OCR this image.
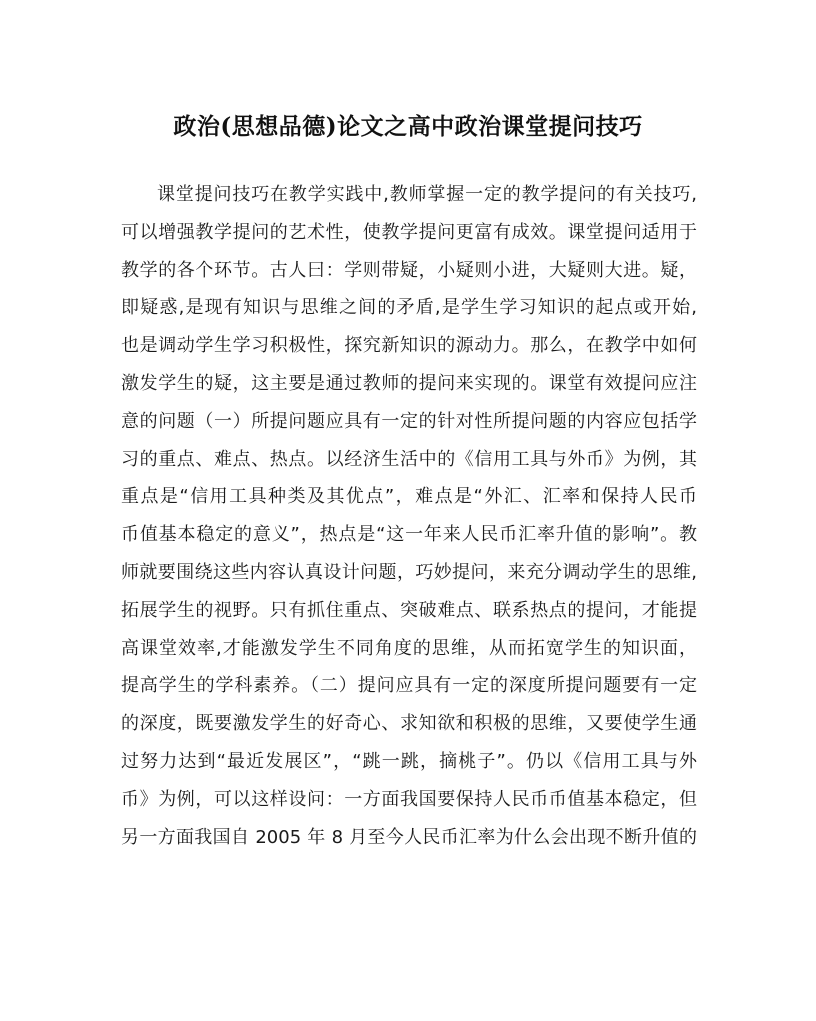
政治(思想品德)论文之高中政治课堂提问技巧
课堂提问技巧在教学实践中,教师掌握一定的教学提问的有关技巧,
可以增强教学提问的艺术性，使教学提问更富有成效。课堂提问适用于
教学的各个环节。古人曰：学则带疑，小疑则小进，大疑则大进。疑，
即疑惑,是现有知识与思维之间的矛盾,是学生学习知识的起点或开始,
也是调动学生学习积极性，探究新知识的源动力。那么，在教学中如何
激发学生的疑，这主要是通过教师的提问来实现的。课堂有效提问应注
意的问题（一）所提问题应具有一定的针对性所提问题的内容应包括学
习的重点、难点、热点。以经济生活中的《信用工具与外币》为例，其
重点是“信用工具种类及其优点”，难点是“外汇、汇率和保持人民币
币值基本稳定的意义”，热点是“这一年来人民币汇率升值的影响”。教
师就要围绕这些内容认真设计问题，巧妙提问，来充分调动学生的思维,
拓展学生的视野。只有抓住重点、突破难点、联系热点的提问，才能提
高课堂效率,才能激发学生不同角度的思维，从而拓宽学生的知识面，
提高学生的学科素养。（二）提问应具有一定的深度所提问题要有一定
的深度，既要激发学生的好奇心、求知欲和积极的思维，又要使学生通
过努力达到“最近发展区”，“跳一跳，摘桃子”。仍以《信用工具与外
币》为例，可以这样设问：一方面我国要保持人民币币值基本稳定，但
另一方面我国自 2005 年 8 月至今人民币汇率为什么会出现不断升值的
